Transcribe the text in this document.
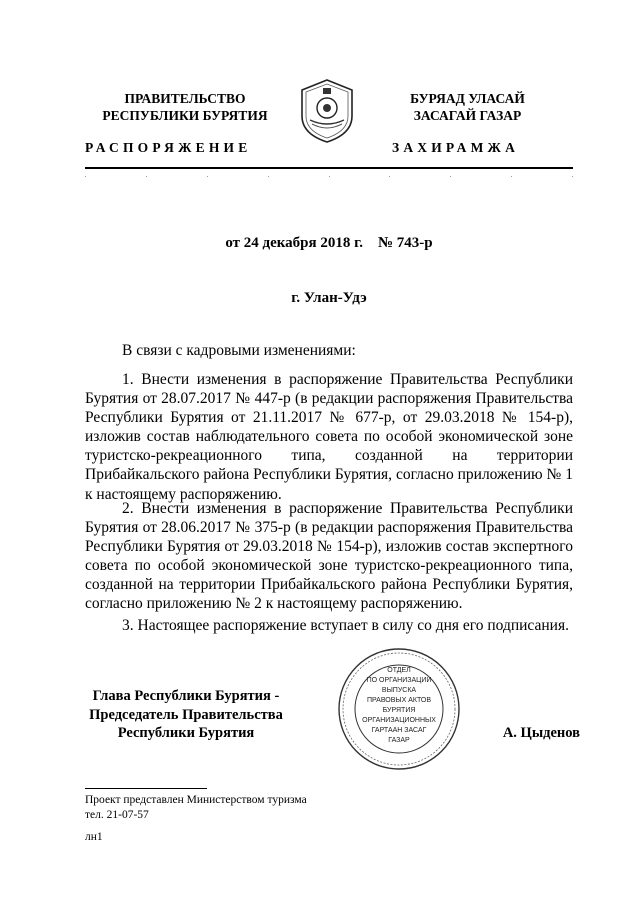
ПРАВИТЕЛЬСТВО
РЕСПУБЛИКИ БУРЯТИЯ
РАСПОРЯЖЕНИЕ
БУРЯАД УЛАСАЙ
ЗАСАГАЙ ГАЗАР
ЗАХИРАМЖА
от 24 декабря 2018 г.    № 743-р
г. Улан-Удэ

В связи с кадровыми изменениями:

1. Внести изменения в распоряжение Правительства Республики Бурятия от 28.07.2017 № 447-р (в редакции распоряжения Правительства Республики Бурятия от 21.11.2017 № 677-р, от 29.03.2018 № 154-р), изложив состав наблюдательного совета по особой экономической зоне туристско-рекреационного типа, созданной на территории Прибайкальского района Республики Бурятия, согласно приложению № 1 к настоящему распоряжению.

2. Внести изменения в распоряжение Правительства Республики Бурятия от 28.06.2017 № 375-р (в редакции распоряжения Правительства Республики Бурятия от 29.03.2018 № 154-р), изложив состав экспертного совета по особой экономической зоне туристско-рекреационного типа, созданной на территории Прибайкальского района Республики Бурятия, согласно приложению № 2 к настоящему распоряжению.

3. Настоящее распоряжение вступает в силу со дня его подписания.

Глава Республики Бурятия -
Председатель Правительства
Республики Бурятия
ОТДЕЛ
ПО ОРГАНИЗАЦИИ
ВЫПУСКА
ПРАВОВЫХ АКТОВ
БУРЯТИЯ
ОРГАНИЗАЦИОННЫХ
ГАРТААН ЗАСАГ
ГАЗАР	А. Цыденов
Проект представлен Министерством туризма
тел. 21-07-57
лн1
